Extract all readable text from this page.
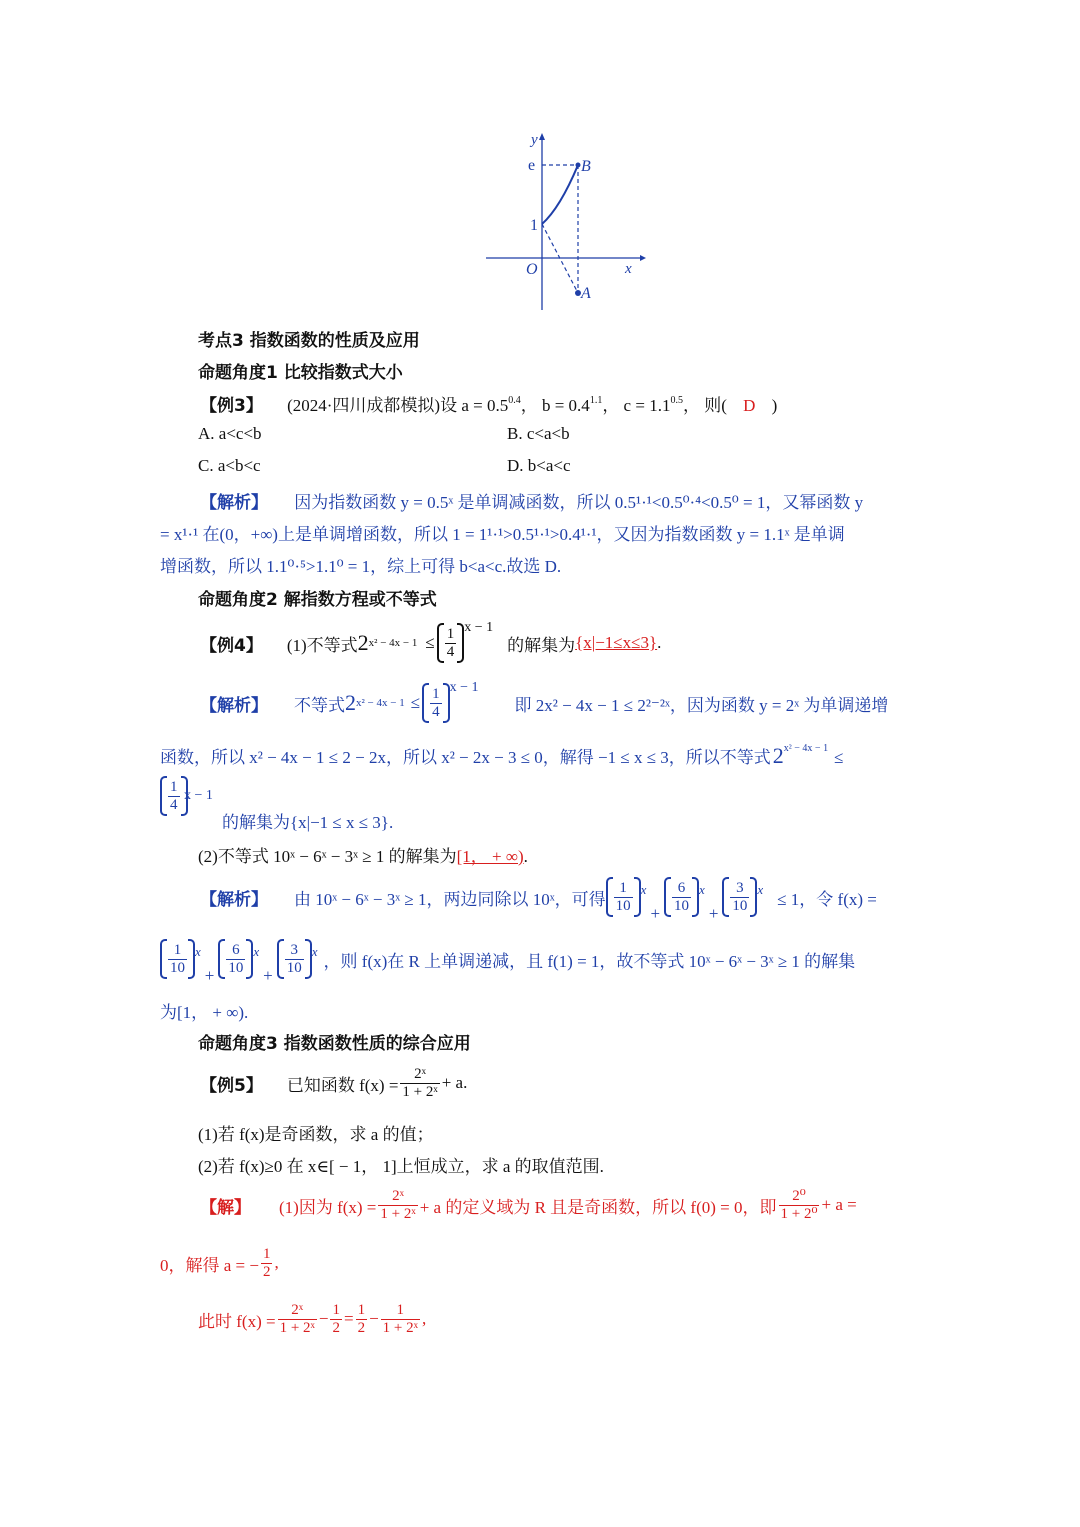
y
x
e
1
O
B
A
考点3 指数函数的性质及应用
命题角度1 比较指数式大小
【例3】 (2024·四川成都模拟)设 $a = 0.5^{0.4}$， $b = 0.4^{1.1}$， $c = 1.1^{0.5}$， 则( D )
A. a<c<b	B. c<a<b
C. a<b<c	D. b<a<c
【解析】 因为指数函数 y = 0.5ˣ 是单调减函数，所以 0.5¹·¹<0.5⁰·⁴<0.5⁰ = 1，又幂函数 y
= x¹·¹ 在(0，+∞)上是单调增函数，所以 1 = 1¹·¹>0.5¹·¹>0.4¹·¹，又因为指数函数 y = 1.1ˣ 是单调
增函数，所以 1.1⁰·⁵>1.1⁰ = 1，综上可得 b<a<c.故选 D.
命题角度2 解指数方程或不等式
【例4】 (1)不等式 2 $x^2 - 4x - 1 \le \frac{1}{4}$ x − 1
的解集为 {x|−1≤x≤3} .
【解析】 不等式 2 $x^2 - 4x - 1 \le \frac{1}{4}$ x − 1
即 2x² − 4x − 1 ≤ 2²⁻²ˣ，因为函数 y = 2ˣ 为单调递增
函数，所以 x² − 4x − 1 ≤ 2 − 2x，所以 x² − 2x − 3 ≤ 0，解得 −1 ≤ x ≤ 3，所以不等式$2^{x^2 - 4x - 1}$ ≤
$\frac{1}{4}$ x − 1
的解集为{x|−1 ≤ x ≤ 3}.
(2)不等式 10ˣ − 6ˣ − 3ˣ ≥ 1 的解集为[1， + ∞).
【解析】 由 10ˣ − 6ˣ − 3ˣ ≥ 1，两边同除以 10ˣ，可得 $\frac{1}{10}$ x
+ $\frac{6}{10}$ x
+ $\frac{3}{10}$ x ≤ 1，令 f(x) =
$\frac{1}{10}$ x
+ $\frac{6}{10}$ x
+ $\frac{3}{10}$ x ，则 f(x)在 R 上单调递减，且 f(1) = 1，故不等式 10ˣ − 6ˣ − 3ˣ ≥ 1 的解集
为[1， + ∞).
命题角度3 指数函数性质的综合应用
【例5】 已知函数 $f(x) = \frac{\text{2ˣ}}{\text{1 + 2ˣ}} + a$.
(1)若 f(x)是奇函数，求 a 的值；
(2)若 f(x)≥0 在 x∈[ − 1， 1]上恒成立，求 a 的取值范围.
【解】 (1)因为 $f(x) = \frac{\text{2ˣ}}{\text{1 + 2ˣ}} + a$ 的定义域为 R 且是奇函数，所以 f(0) = 0，即 $\frac{\text{2⁰}}{\text{1 + 2⁰}} + a$ =
0，解得 a = − $\frac{1}{2}$ ,
此时 $f(x) = \frac{\text{2ˣ}}{\text{1 + 2ˣ}} - \frac{1}{2} = \frac{1}{2} - \frac{1}{\text{1 + 2ˣ}}$ ,
